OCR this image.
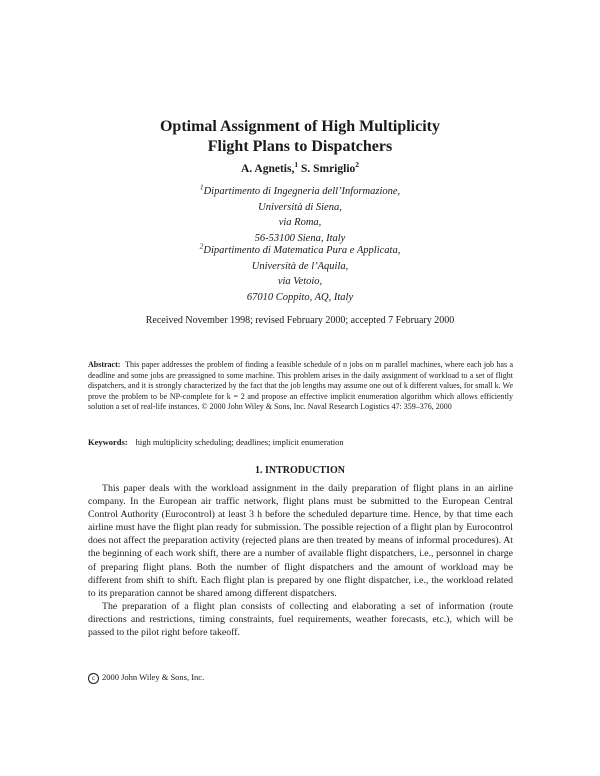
Optimal Assignment of High Multiplicity
Flight Plans to Dispatchers
A. Agnetis,$^1$ S. Smriglio$^2$
$^1$Dipartimento di Ingegneria dell’Informazione,
Università di Siena,
via Roma,
56-53100 Siena, Italy
$^2$Dipartimento di Matematica Pura e Applicata,
Università de l’Aquila,
via Vetoio,
67010 Coppito, AQ, Italy
Received November 1998; revised February 2000; accepted 7 February 2000
Abstract: This paper addresses the problem of finding a feasible schedule of n jobs on m parallel machines, where each job has a deadline and some jobs are preassigned to some machine. This problem arises in the daily assignment of workload to a set of flight dispatchers, and it is strongly characterized by the fact that the job lengths may assume one out of k different values, for small k. We prove the problem to be NP-complete for k = 2 and propose an effective implicit enumeration algorithm which allows efficiently solution a set of real-life instances. © 2000 John Wiley & Sons, Inc. Naval Research Logistics 47: 359–376, 2000
Keywords: high multiplicity scheduling; deadlines; implicit enumeration
1. INTRODUCTION

This paper deals with the workload assignment in the daily preparation of flight plans in an airline company. In the European air traffic network, flight plans must be submitted to the European Central Control Authority (Eurocontrol) at least 3 h before the scheduled departure time. Hence, by that time each airline must have the flight plan ready for submission. The possible rejection of a flight plan by Eurocontrol does not affect the preparation activity (rejected plans are then treated by means of informal procedures). At the beginning of each work shift, there are a number of available flight dispatchers, i.e., personnel in charge of preparing flight plans. Both the number of flight dispatchers and the amount of workload may be different from shift to shift. Each flight plan is prepared by one flight dispatcher, i.e., the workload related to its preparation cannot be shared among different dispatchers.

The preparation of a flight plan consists of collecting and elaborating a set of information (route directions and restrictions, timing constraints, fuel requirements, weather forecasts, etc.), which will be passed to the pilot right before takeoff.

c 2000 John Wiley & Sons, Inc.
